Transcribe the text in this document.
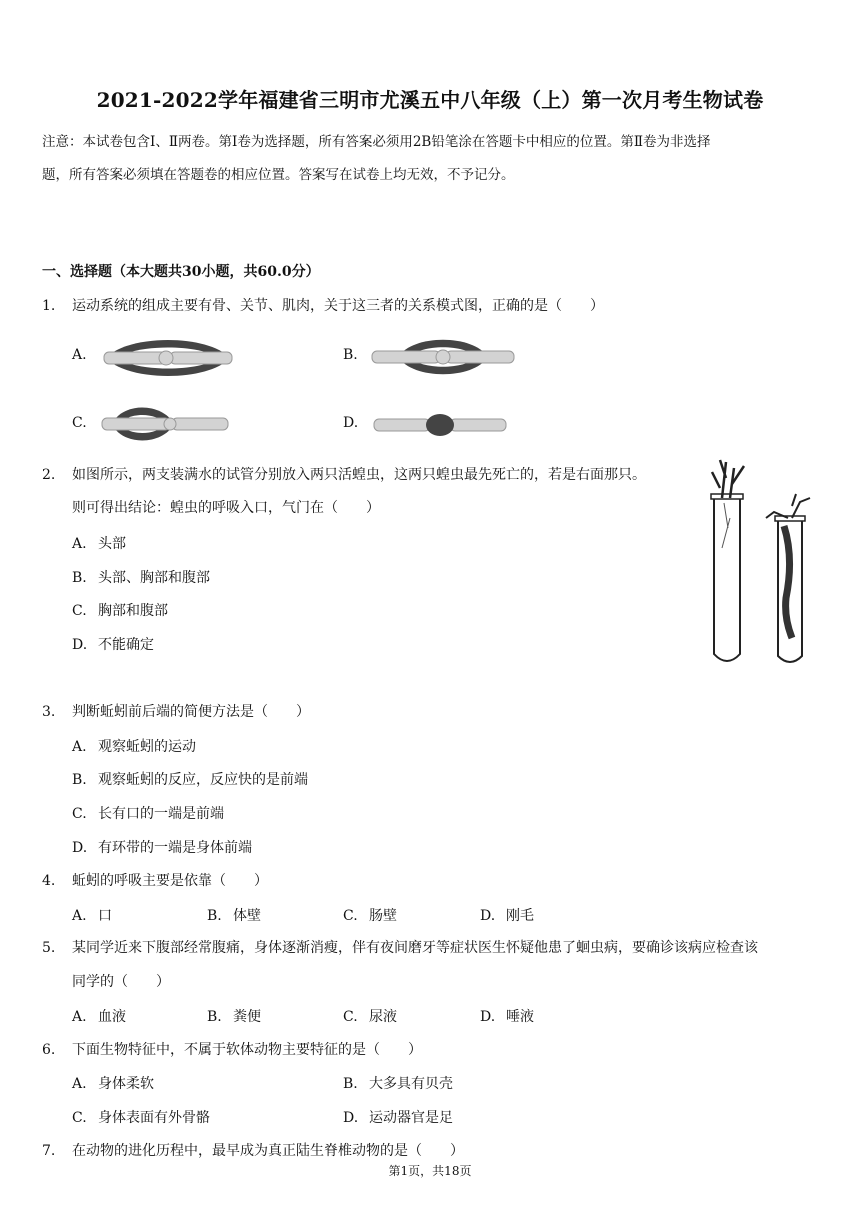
2021-2022学年福建省三明市尤溪五中八年级（上）第一次月考生物试卷
注意：本试卷包含Ⅰ、Ⅱ两卷。第Ⅰ卷为选择题，所有答案必须用2B铅笔涂在答题卡中相应的位置。第Ⅱ卷为非选择
题，所有答案必须填在答题卷的相应位置。答案写在试卷上均无效，不予记分。
一、选择题（本大题共30小题，共60.0分）
1.	运动系统的组成主要有骨、关节、肌肉，关于这三者的关系模式图，正确的是（　　）
A.	B.
C.	D.
2.	如图所示，两支装满水的试管分别放入两只活蝗虫，这两只蝗虫最先死亡的，若是右面那只。
则可得出结论：蝗虫的呼吸入口，气门在（　　）
A. 头部
B. 头部、胸部和腹部
C. 胸部和腹部
D. 不能确定
3.	判断蚯蚓前后端的简便方法是（　　）
A. 观察蚯蚓的运动
B. 观察蚯蚓的反应，反应快的是前端
C. 长有口的一端是前端
D. 有环带的一端是身体前端
4.	蚯蚓的呼吸主要是依靠（　　）
A. 口	B. 体壁	C. 肠壁	D. 刚毛
5.	某同学近来下腹部经常腹痛，身体逐渐消瘦，伴有夜间磨牙等症状医生怀疑他患了蛔虫病，要确诊该病应检查该
同学的（　　）
A. 血液	B. 粪便	C. 尿液	D. 唾液
6.	下面生物特征中，不属于软体动物主要特征的是（　　）
A. 身体柔软	B. 大多具有贝壳
C. 身体表面有外骨骼	D. 运动器官是足
7.	在动物的进化历程中，最早成为真正陆生脊椎动物的是（　　）
第1页，共18页
